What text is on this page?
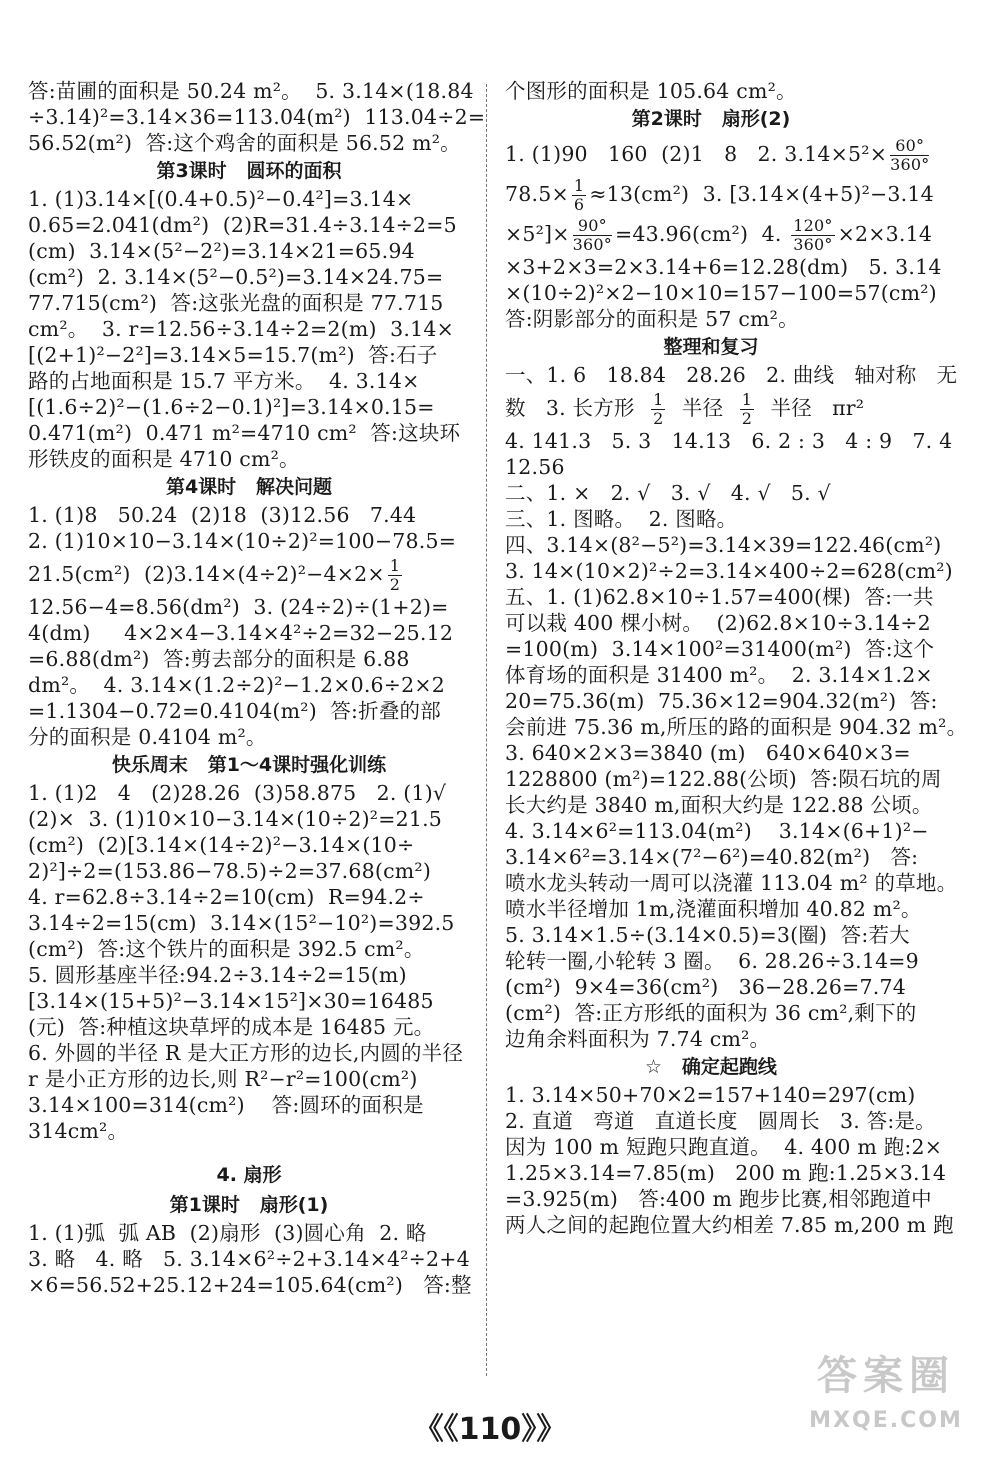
答:苗圃的面积是 50.24 m²。  5. 3.14×(18.84
÷3.14)²=3.14×36=113.04(m²)  113.04÷2=
56.52(m²)  答:这个鸡舍的面积是 56.52 m²。
第3课时   圆环的面积
1. (1)3.14×[(0.4+0.5)²−0.4²]=3.14×
0.65=2.041(dm²)  (2)R=31.4÷3.14÷2=5
(cm)  3.14×(5²−2²)=3.14×21=65.94
(cm²)  2. 3.14×(5²−0.5²)=3.14×24.75=
77.715(cm²)  答:这张光盘的面积是 77.715
cm²。  3. r=12.56÷3.14÷2=2(m)  3.14×
[(2+1)²−2²]=3.14×5=15.7(m²)  答:石子
路的占地面积是 15.7 平方米。  4. 3.14×
[(1.6÷2)²−(1.6÷2−0.1)²]=3.14×0.15=
0.471(m²)  0.471 m²=4710 cm²  答:这块环
形铁皮的面积是 4710 cm²。
第4课时   解决问题
1. (1)8   50.24  (2)18  (3)12.56   7.44
2. (1)10×10−3.14×(10÷2)²=100−78.5=
21.5(cm²)  $(2)3.14\times(4\div 2)^2-4\times 2\times \frac{1}{2}$
12.56−4=8.56(dm²)  3. (24÷2)÷(1+2)=
4(dm)     4×2×4−3.14×4²÷2=32−25.12
=6.88(dm²)  答:剪去部分的面积是 6.88
dm²。  4. 3.14×(1.2÷2)²−1.2×0.6÷2×2
=1.1304−0.72=0.4104(m²)  答:折叠的部
分的面积是 0.4104 m²。
快乐周末   第1～4课时强化训练
1. (1)2   4   (2)28.26  (3)58.875   2. (1)√
(2)×  3. (1)10×10−3.14×(10÷2)²=21.5
(cm²)  (2)[3.14×(14÷2)²−3.14×(10÷
2)²]÷2=(153.86−78.5)÷2=37.68(cm²)
4. r=62.8÷3.14÷2=10(cm)  R=94.2÷
3.14÷2=15(cm)  3.14×(15²−10²)=392.5
(cm²)  答:这个铁片的面积是 392.5 cm²。
5. 圆形基座半径:94.2÷3.14÷2=15(m)
[3.14×(15+5)²−3.14×15²]×30=16485
(元)  答:种植这块草坪的成本是 16485 元。
6. 外圆的半径 R 是大正方形的边长,内圆的半径
r 是小正方形的边长,则 R²−r²=100(cm²)
3.14×100=314(cm²)    答:圆环的面积是
314cm²。
4. 扇形
第1课时   扇形(1)
1. (1)弧  弧 AB  (2)扇形  (3)圆心角  2. 略
3. 略   4. 略   5. 3.14×6²÷2+3.14×4²÷2+4
×6=56.52+25.12+24=105.64(cm²)   答:整
个图形的面积是 105.64 cm²。
第2课时   扇形(2)
1. (1)90   160  (2)1   8   2. $3.14\times 5^2\times \frac{60^\circ}{360^\circ}$
$78.5\times \frac{1}{6} \approx 13(cm^2)$  3. [3.14×(4+5)²−3.14
$\times 5^2]\times \frac{90^\circ}{360^\circ} =43.96(cm^2)$  4. $\frac{120^\circ}{360^\circ} \times 2\times 3.14$
×3+2×3=2×3.14+6=12.28(dm)   5. 3.14
×(10÷2)²×2−10×10=157−100=57(cm²)
答:阴影部分的面积是 57 cm²。
整理和复习
一、1. 6   18.84   28.26   2. 曲线   轴对称   无
数   3. 长方形 $\frac{1}{2}$ 半径 $\frac{1}{2}$ 半径   πr²
4. 141.3   5. 3   14.13   6. 2 : 3   4 : 9   7. 4
12.56
二、1. ×   2. √   3. √   4. √   5. √
三、1. 图略。  2. 图略。
四、3.14×(8²−5²)=3.14×39=122.46(cm²)
3. 14×(10×2)²÷2=3.14×400÷2=628(cm²)
五、1. (1)62.8×10÷1.57=400(棵)  答:一共
可以栽 400 棵小树。  (2)62.8×10÷3.14÷2
=100(m)  3.14×100²=31400(m²)  答:这个
体育场的面积是 31400 m²。  2. 3.14×1.2×
20=75.36(m)  75.36×12=904.32(m²)  答:
会前进 75.36 m,所压的路的面积是 904.32 m²。
3. 640×2×3=3840 (m)   640×640×3=
1228800 (m²)=122.88(公顷)  答:陨石坑的周
长大约是 3840 m,面积大约是 122.88 公顷。
4. 3.14×6²=113.04(m²)    3.14×(6+1)²−
3.14×6²=3.14×(7²−6²)=40.82(m²)   答:
喷水龙头转动一周可以浇灌 113.04 m² 的草地。
喷水半径增加 1m,浇灌面积增加 40.82 m²。
5. 3.14×1.5÷(3.14×0.5)=3(圈)  答:若大
轮转一圈,小轮转 3 圈。  6. 28.26÷3.14=9
(cm²)  9×4=36(cm²)   36−28.26=7.74
(cm²)  答:正方形纸的面积为 36 cm²,剩下的
边角余料面积为 7.74 cm²。
☆   确定起跑线
1. 3.14×50+70×2=157+140=297(cm)
2. 直道   弯道   直道长度   圆周长   3. 答:是。
因为 100 m 短跑只跑直道。  4. 400 m 跑:2×
1.25×3.14=7.85(m)   200 m 跑:1.25×3.14
=3.925(m)   答:400 m 跑步比赛,相邻跑道中
两人之间的起跑位置大约相差 7.85 m,200 m 跑
《《110》》
答案圈
MXQE.COM
